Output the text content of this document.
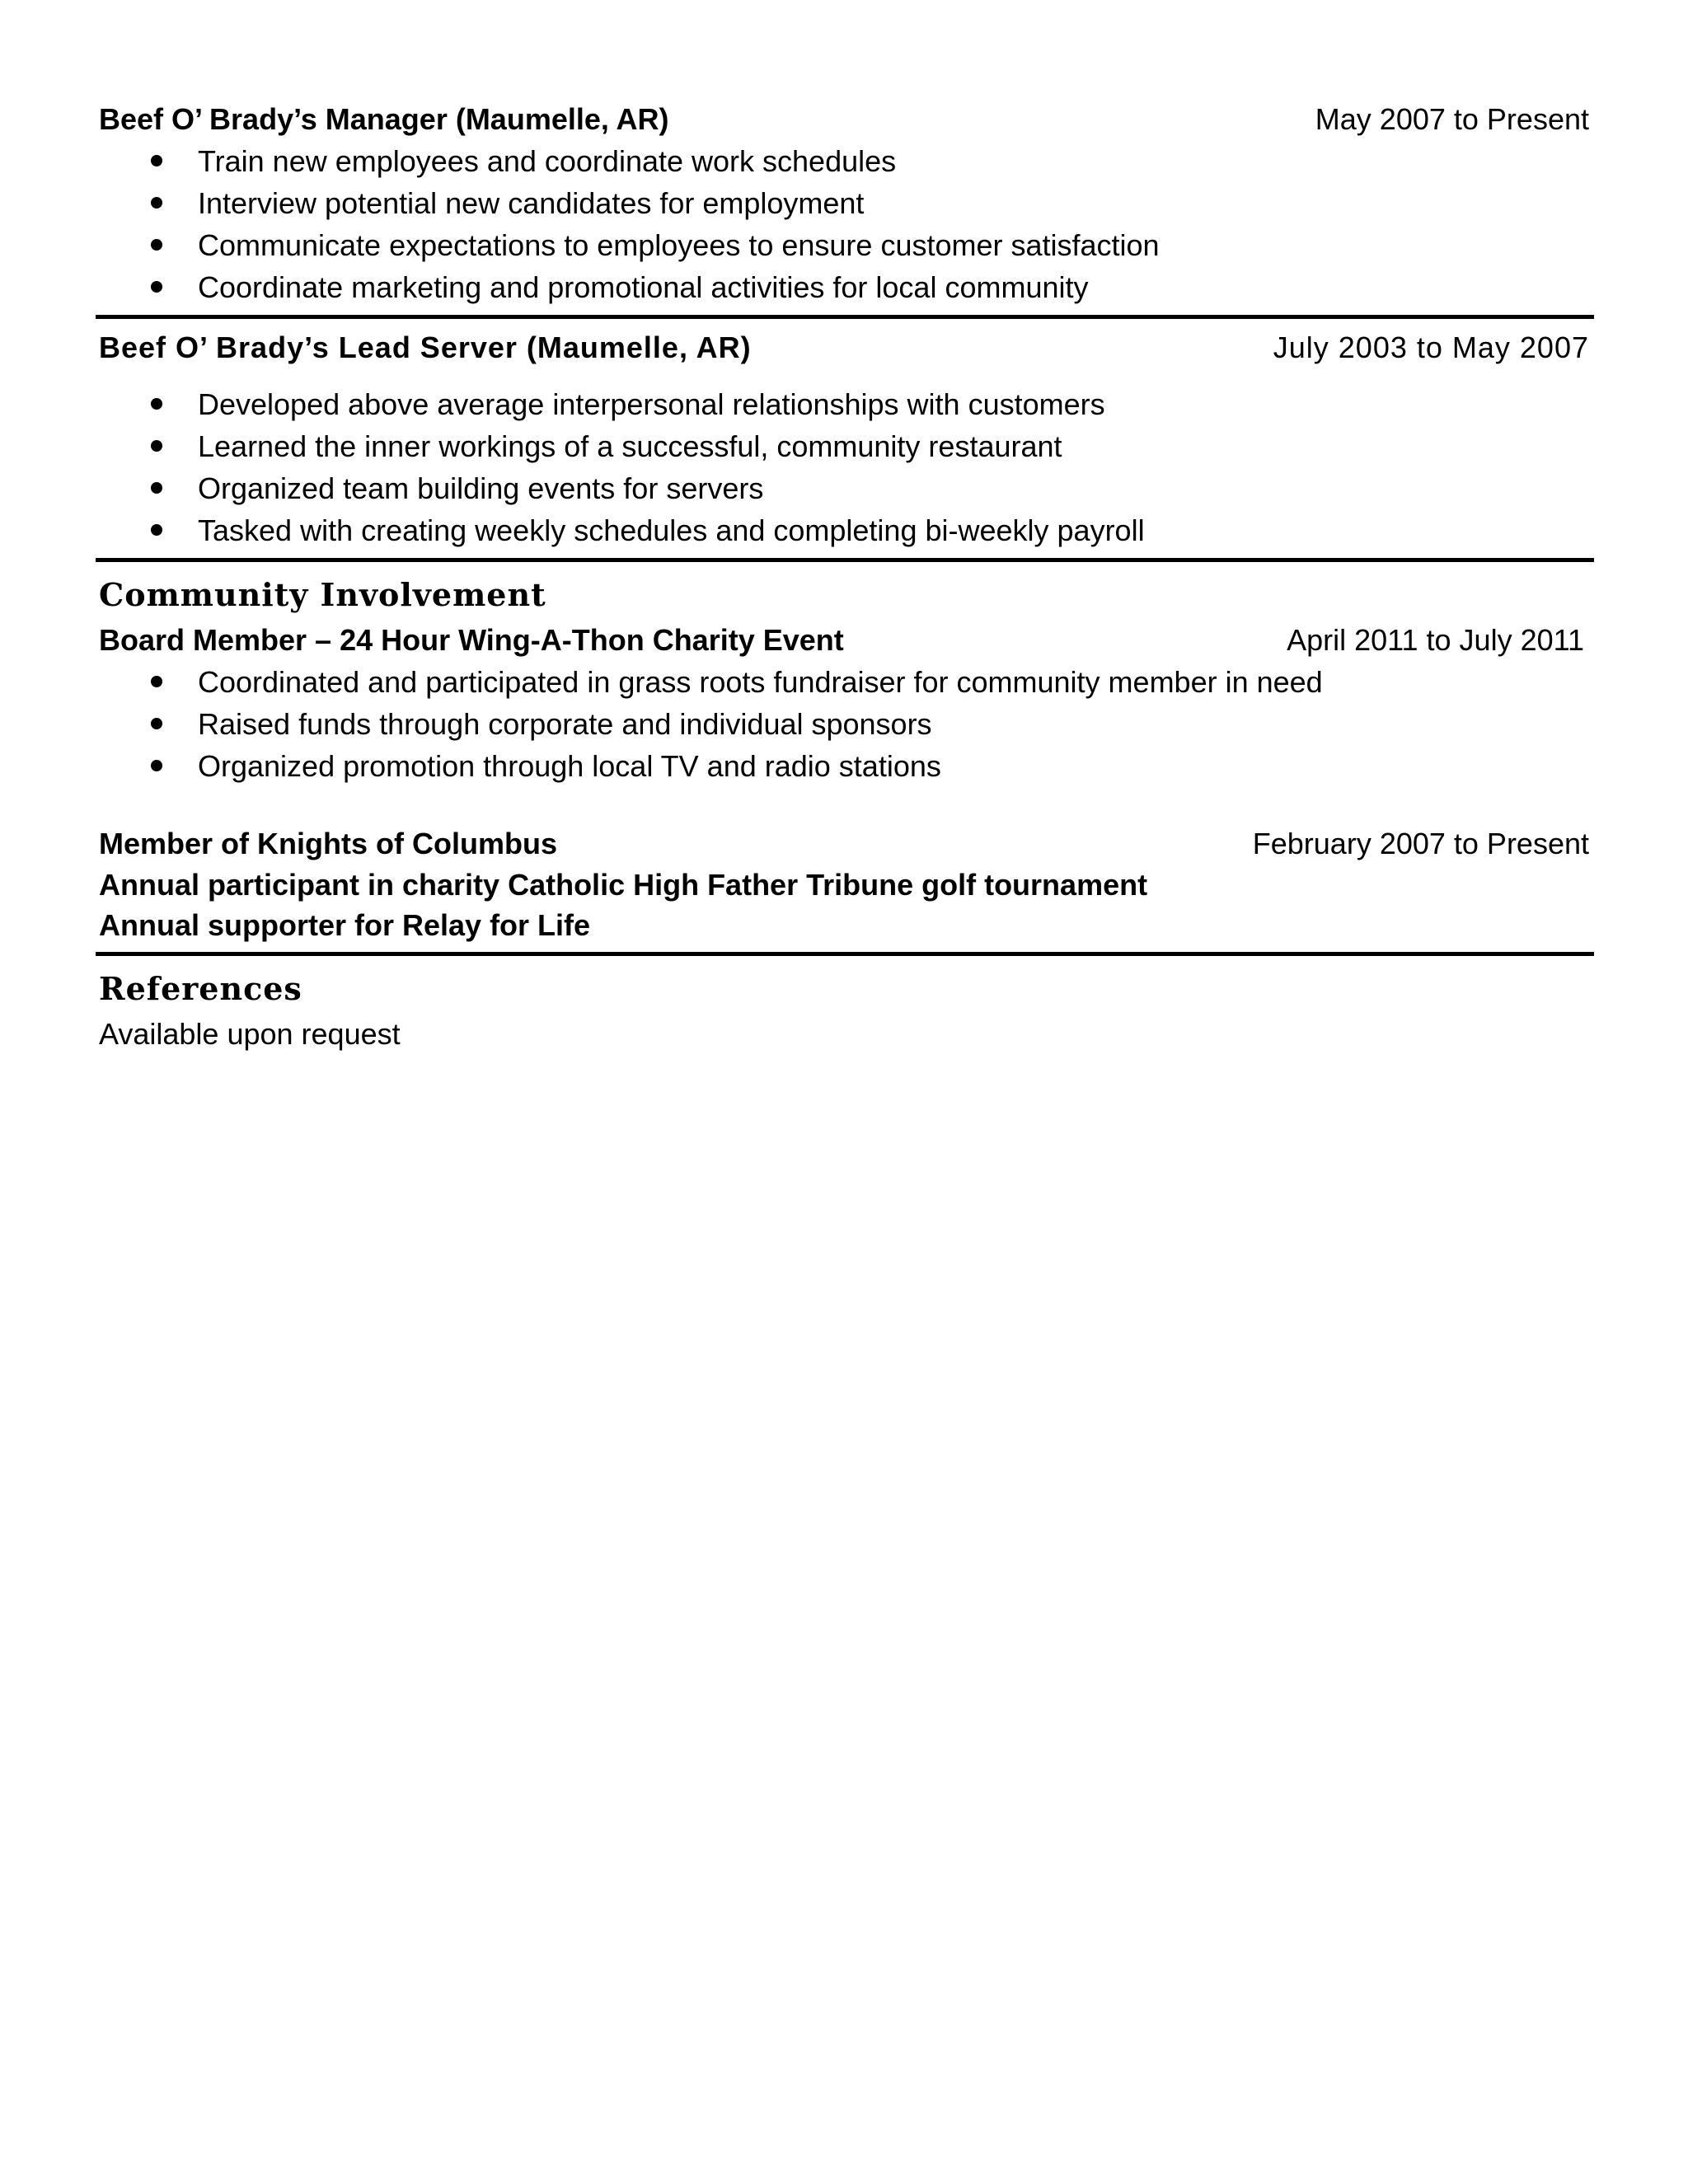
Beef O’ Brady’s Manager (Maumelle, AR)	May 2007 to Present
Train new employees and coordinate work schedules
Interview potential new candidates for employment
Communicate expectations to employees to ensure customer satisfaction
Coordinate marketing and promotional activities for local community
Beef O’ Brady’s Lead Server (Maumelle, AR)	July 2003 to May 2007
Developed above average interpersonal relationships with customers
Learned the inner workings of a successful, community restaurant
Organized team building events for servers
Tasked with creating weekly schedules and completing bi-weekly payroll
Community Involvement
Board Member – 24 Hour Wing-A-Thon Charity Event	April 2011 to July 2011
Coordinated and participated in grass roots fundraiser for community member in need
Raised funds through corporate and individual sponsors
Organized promotion through local TV and radio stations
Member of Knights of Columbus	February 2007 to Present
Annual participant in charity Catholic High Father Tribune golf tournament
Annual supporter for Relay for Life
References
Available upon request
